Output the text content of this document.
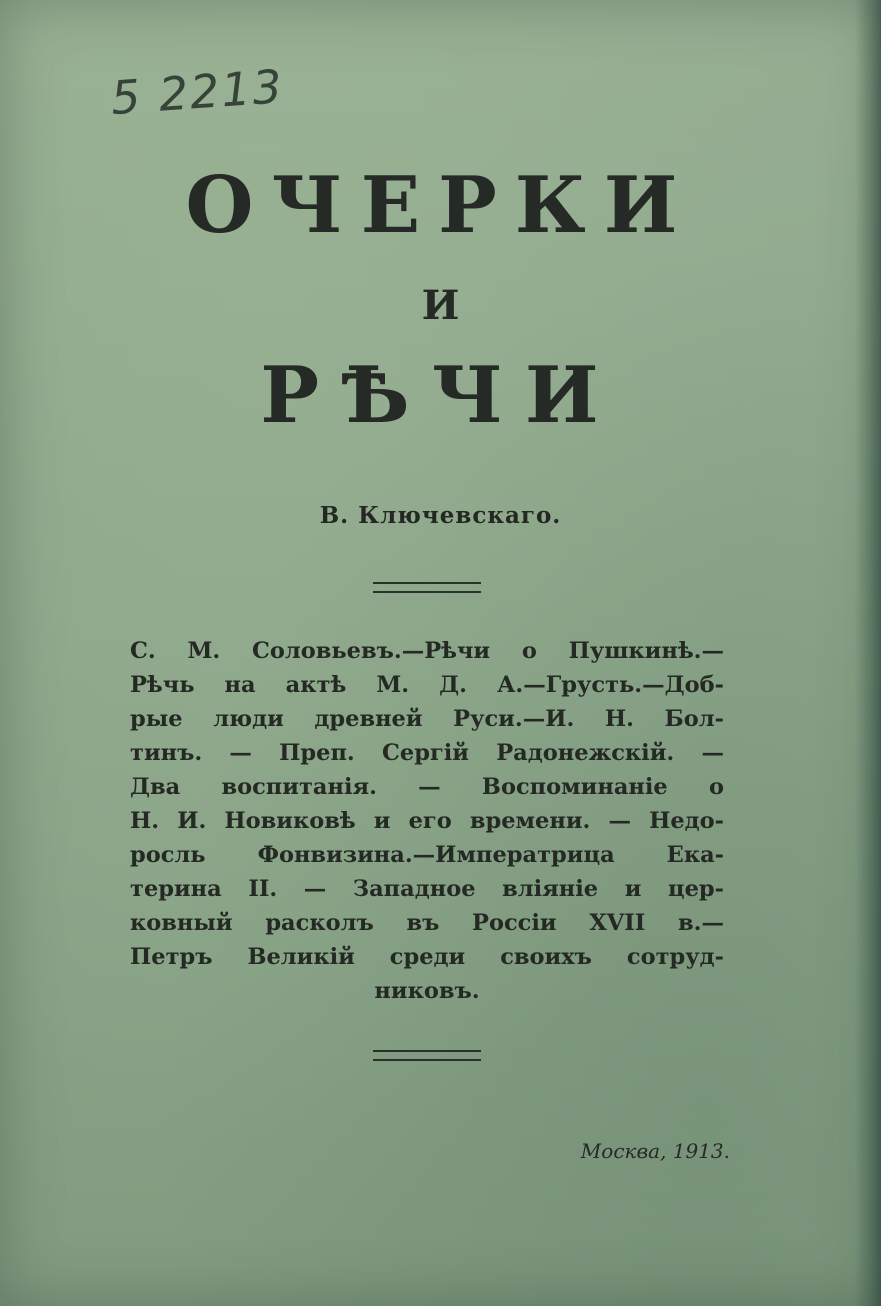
5 2213
ОЧЕРКИ
И
РѢЧИ
В. Ключевскаго.
С. М. Соловьевъ.—Рѣчи о Пушкинѣ.—
Рѣчь на актѣ М. Д. А.—Грусть.—Доб-
рые люди древней Руси.—И. Н. Бол-
тинъ. — Преп. Сергій Радонежскій. —
Два воспитанія. — Воспоминаніе о
Н. И. Новиковѣ и его времени. — Недо-
росль Фонвизина.—Императрица Ека-
терина II. — Западное вліяніе и цер-
ковный расколъ въ Россіи XVII в.—
Петръ Великій среди своихъ сотруд-
никовъ.
Москва, 1913.
